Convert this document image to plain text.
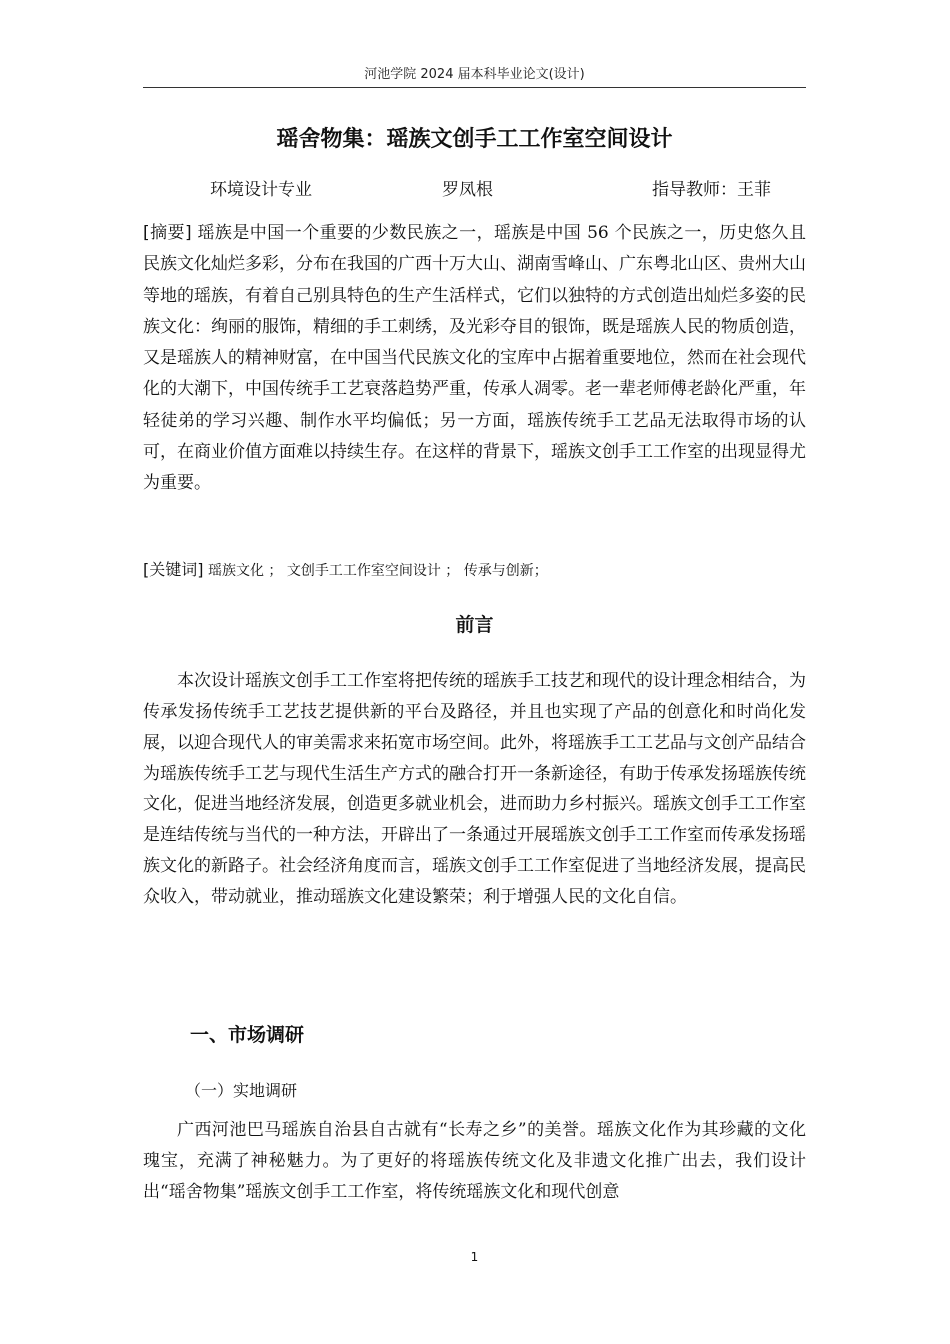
河池学院 2024 届本科毕业论文(设计)
瑶舍物集：瑶族文创手工工作室空间设计
环境设计专业	罗凤根	指导教师：王菲

[摘要] 瑶族是中国一个重要的少数民族之一，瑶族是中国 56 个民族之一，历史悠久且民族文化灿烂多彩，分布在我国的广西十万大山、湖南雪峰山、广东粤北山区、贵州大山等地的瑶族，有着自己别具特色的生产生活样式，它们以独特的方式创造出灿烂多姿的民族文化：绚丽的服饰，精细的手工刺绣，及光彩夺目的银饰，既是瑶族人民的物质创造，又是瑶族人的精神财富，在中国当代民族文化的宝库中占据着重要地位，然而在社会现代化的大潮下，中国传统手工艺衰落趋势严重，传承人凋零。老一辈老师傅老龄化严重，年轻徒弟的学习兴趣、制作水平均偏低；另一方面，瑶族传统手工艺品无法取得市场的认可，在商业价值方面难以持续生存。在这样的背景下，瑶族文创手工工作室的出现显得尤为重要。

[关键词] 瑶族文化 ； 文创手工工作室空间设计 ； 传承与创新；
前言

本次设计瑶族文创手工工作室将把传统的瑶族手工技艺和现代的设计理念相结合，为传承发扬传统手工艺技艺提供新的平台及路径，并且也实现了产品的创意化和时尚化发展，以迎合现代人的审美需求来拓宽市场空间。此外，将瑶族手工工艺品与文创产品结合为瑶族传统手工艺与现代生活生产方式的融合打开一条新途径，有助于传承发扬瑶族传统文化，促进当地经济发展，创造更多就业机会，进而助力乡村振兴。瑶族文创手工工作室是连结传统与当代的一种方法，开辟出了一条通过开展瑶族文创手工工作室而传承发扬瑶族文化的新路子。社会经济角度而言，瑶族文创手工工作室促进了当地经济发展，提高民众收入，带动就业，推动瑶族文化建设繁荣；利于增强人民的文化自信。

一、市场调研
（一）实地调研

广西河池巴马瑶族自治县自古就有“长寿之乡”的美誉。瑶族文化作为其珍藏的文化瑰宝，充满了神秘魅力。为了更好的将瑶族传统文化及非遗文化推广出去，我们设计出“瑶舍物集”瑶族文创手工工作室，将传统瑶族文化和现代创意

1
